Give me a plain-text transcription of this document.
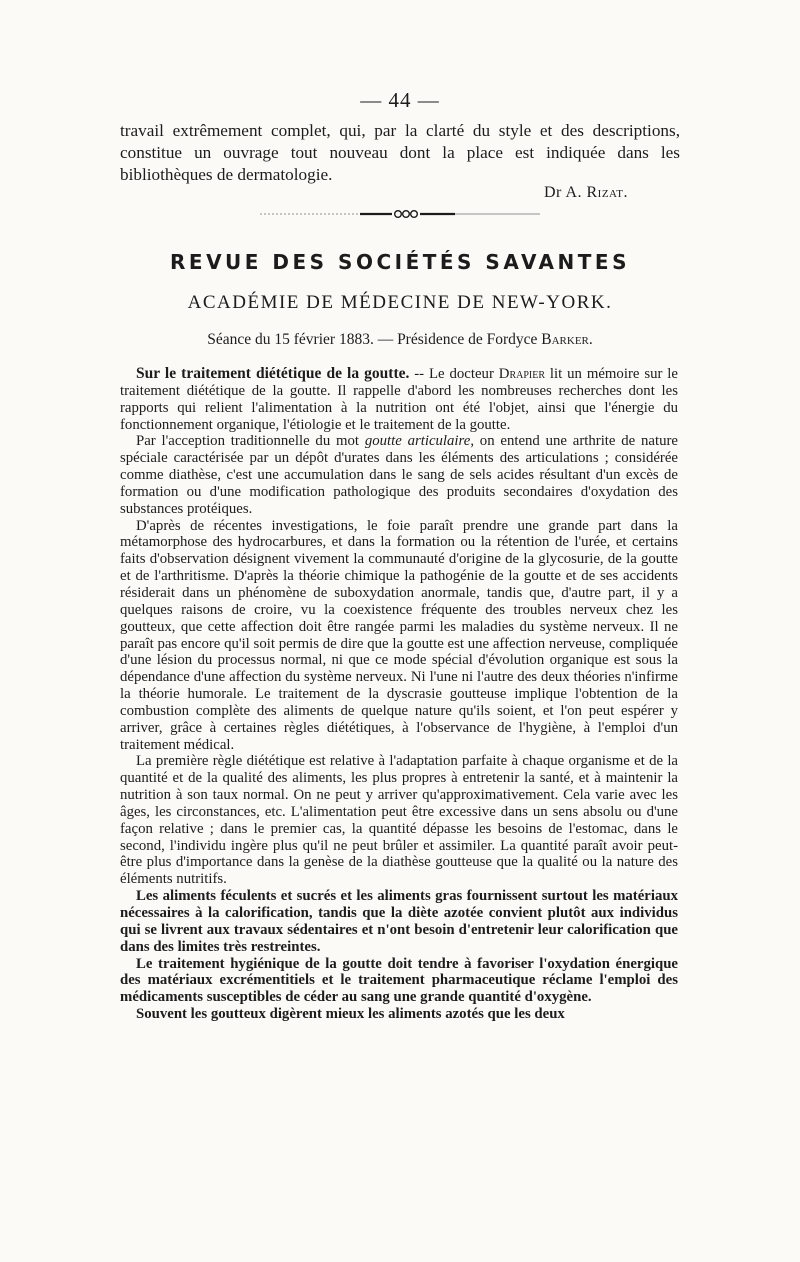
— 44 —

travail extrêmement complet, qui, par la clarté du style et des descriptions, constitue un ouvrage tout nouveau dont la place est indiquée dans les bibliothèques de dermatologie.

Dr A. Rizat.
REVUE DES SOCIÉTÉS SAVANTES
ACADÉMIE DE MÉDECINE DE NEW-YORK.
Séance du 15 février 1883. — Présidence de Fordyce Barker.

Sur le traitement diététique de la goutte. -- Le docteur Drapier lit un mémoire sur le traitement diététique de la goutte. Il rappelle d'abord les nombreuses recherches dont les rapports qui relient l'alimentation à la nutrition ont été l'objet, ainsi que l'énergie du fonctionnement organique, l'étiologie et le traitement de la goutte.

Par l'acception traditionnelle du mot goutte articulaire, on entend une arthrite de nature spéciale caractérisée par un dépôt d'urates dans les éléments des articulations ; considérée comme diathèse, c'est une accumulation dans le sang de sels acides résultant d'un excès de formation ou d'une modification pathologique des produits secondaires d'oxydation des substances protéiques.

D'après de récentes investigations, le foie paraît prendre une grande part dans la métamorphose des hydrocarbures, et dans la formation ou la rétention de l'urée, et certains faits d'observation désignent vivement la communauté d'origine de la glycosurie, de la goutte et de l'arthritisme. D'après la théorie chimique la pathogénie de la goutte et de ses accidents résiderait dans un phénomène de suboxydation anormale, tandis que, d'autre part, il y a quelques raisons de croire, vu la coexistence fréquente des troubles nerveux chez les goutteux, que cette affection doit être rangée parmi les maladies du système nerveux. Il ne paraît pas encore qu'il soit permis de dire que la goutte est une affection nerveuse, compliquée d'une lésion du processus normal, ni que ce mode spécial d'évolution organique est sous la dépendance d'une affection du système nerveux. Ni l'une ni l'autre des deux théories n'infirme la théorie humorale. Le traitement de la dyscrasie goutteuse implique l'obtention de la combustion complète des aliments de quelque nature qu'ils soient, et l'on peut espérer y arriver, grâce à certaines règles diététiques, à l'observance de l'hygiène, à l'emploi d'un traitement médical.

La première règle diététique est relative à l'adaptation parfaite à chaque organisme et de la quantité et de la qualité des aliments, les plus propres à entretenir la santé, et à maintenir la nutrition à son taux normal. On ne peut y arriver qu'approximativement. Cela varie avec les âges, les circonstances, etc. L'alimentation peut être excessive dans un sens absolu ou d'une façon relative ; dans le premier cas, la quantité dépasse les besoins de l'estomac, dans le second, l'individu ingère plus qu'il ne peut brûler et assimiler. La quantité paraît avoir peut-être plus d'importance dans la genèse de la diathèse goutteuse que la qualité ou la nature des éléments nutritifs.

Les aliments féculents et sucrés et les aliments gras fournissent surtout les matériaux nécessaires à la calorification, tandis que la diète azotée convient plutôt aux individus qui se livrent aux travaux sédentaires et n'ont besoin d'entretenir leur calorification que dans des limites très restreintes.

Le traitement hygiénique de la goutte doit tendre à favoriser l'oxydation énergique des matériaux excrémentitiels et le traitement pharmaceutique réclame l'emploi des médicaments susceptibles de céder au sang une grande quantité d'oxygène.

Souvent les goutteux digèrent mieux les aliments azotés que les deux
